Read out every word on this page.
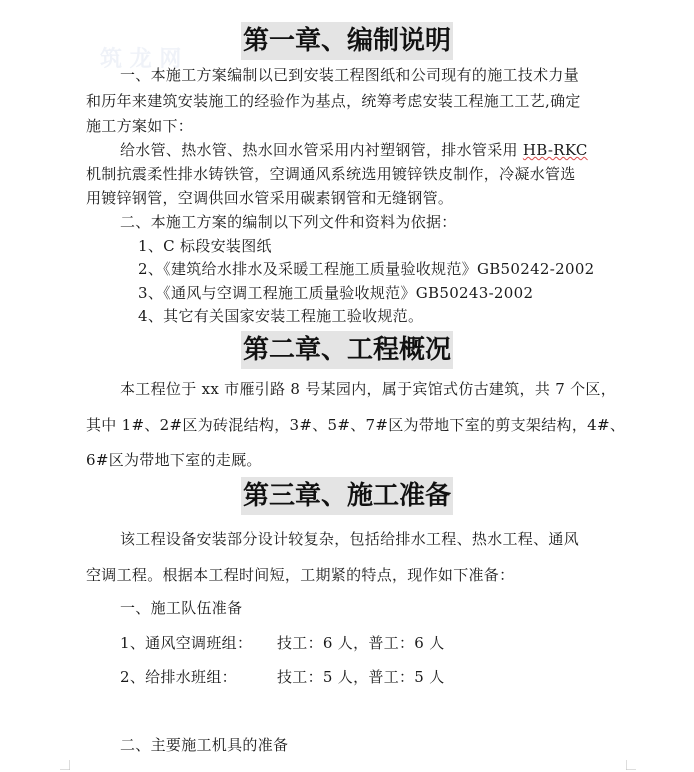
筑 龙 网
第一章、编制说明
一、本施工方案编制以已到安装工程图纸和公司现有的施工技术力量
和历年来建筑安装施工的经验作为基点，统筹考虑安装工程施工工艺,确定
施工方案如下：
给水管、热水管、热水回水管采用内衬塑钢管，排水管采用 HB-RKC
机制抗震柔性排水铸铁管，空调通风系统选用镀锌铁皮制作，冷凝水管选
用镀锌钢管，空调供回水管采用碳素钢管和无缝钢管。
二、本施工方案的编制以下列文件和资料为依据：
1、C 标段安装图纸
2、《建筑给水排水及采暖工程施工质量验收规范》GB50242-2002
3、《通风与空调工程施工质量验收规范》GB50243-2002
4、其它有关国家安装工程施工验收规范。
第二章、工程概况
本工程位于 xx 市雁引路 8 号某园内，属于宾馆式仿古建筑，共 7 个区，
其中 1#、2#区为砖混结构，3#、5#、7#区为带地下室的剪支架结构，4#、
6#区为带地下室的走厩。
第三章、施工准备
该工程设备安装部分设计较复杂，包括给排水工程、热水工程、通风
空调工程。根据本工程时间短，工期紧的特点，现作如下准备：
一、施工队伍准备
1、通风空调班组： 技工：6 人，普工：6 人
2、给排水班组：	技工：5 人，普工：5 人
二、主要施工机具的准备
